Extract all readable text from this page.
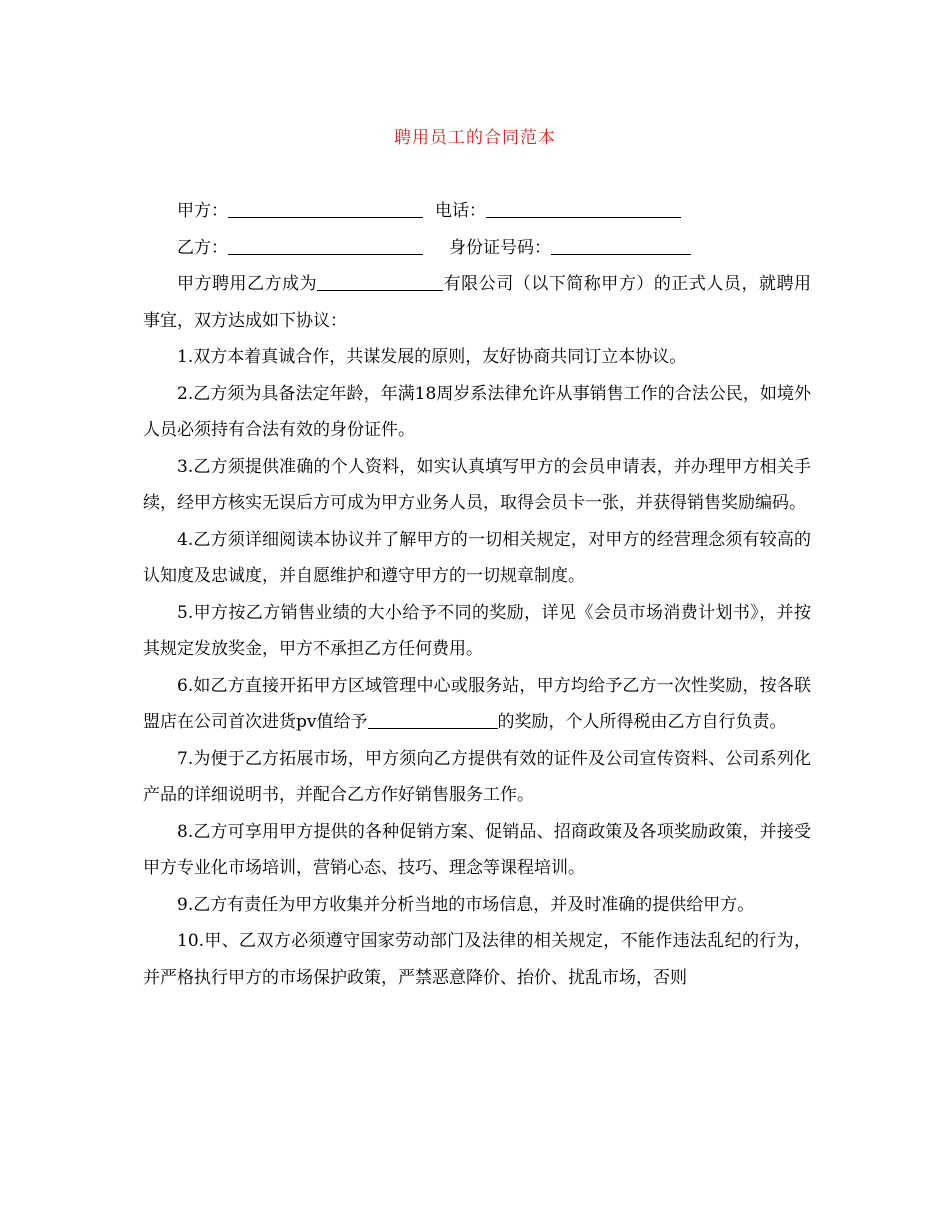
聘用员工的合同范本

甲方：	电话：

乙方：	身份证号码：

甲方聘用乙方成为	有限公司（以下简称甲方）的正式人员，就聘用事宜，双方达成如下协议：

1.双方本着真诚合作，共谋发展的原则，友好协商共同订立本协议。

2.乙方须为具备法定年龄，年满18周岁系法律允许从事销售工作的合法公民，如境外人员必须持有合法有效的身份证件。

3.乙方须提供准确的个人资料，如实认真填写甲方的会员申请表，并办理甲方相关手续，经甲方核实无误后方可成为甲方业务人员，取得会员卡一张，并获得销售奖励编码。

4.乙方须详细阅读本协议并了解甲方的一切相关规定，对甲方的经营理念须有较高的认知度及忠诚度，并自愿维护和遵守甲方的一切规章制度。

5.甲方按乙方销售业绩的大小给予不同的奖励，详见《会员市场消费计划书》，并按其规定发放奖金，甲方不承担乙方任何费用。

6.如乙方直接开拓甲方区域管理中心或服务站，甲方均给予乙方一次性奖励，按各联盟店在公司首次进货pv值给予	的奖励，个人所得税由乙方自行负责。

7.为便于乙方拓展市场，甲方须向乙方提供有效的证件及公司宣传资料、公司系列化产品的详细说明书，并配合乙方作好销售服务工作。

8.乙方可享用甲方提供的各种促销方案、促销品、招商政策及各项奖励政策，并接受甲方专业化市场培训，营销心态、技巧、理念等课程培训。

9.乙方有责任为甲方收集并分析当地的市场信息，并及时准确的提供给甲方。

10.甲、乙双方必须遵守国家劳动部门及法律的相关规定，不能作违法乱纪的行为，并严格执行甲方的市场保护政策，严禁恶意降价、抬价、扰乱市场，否则
